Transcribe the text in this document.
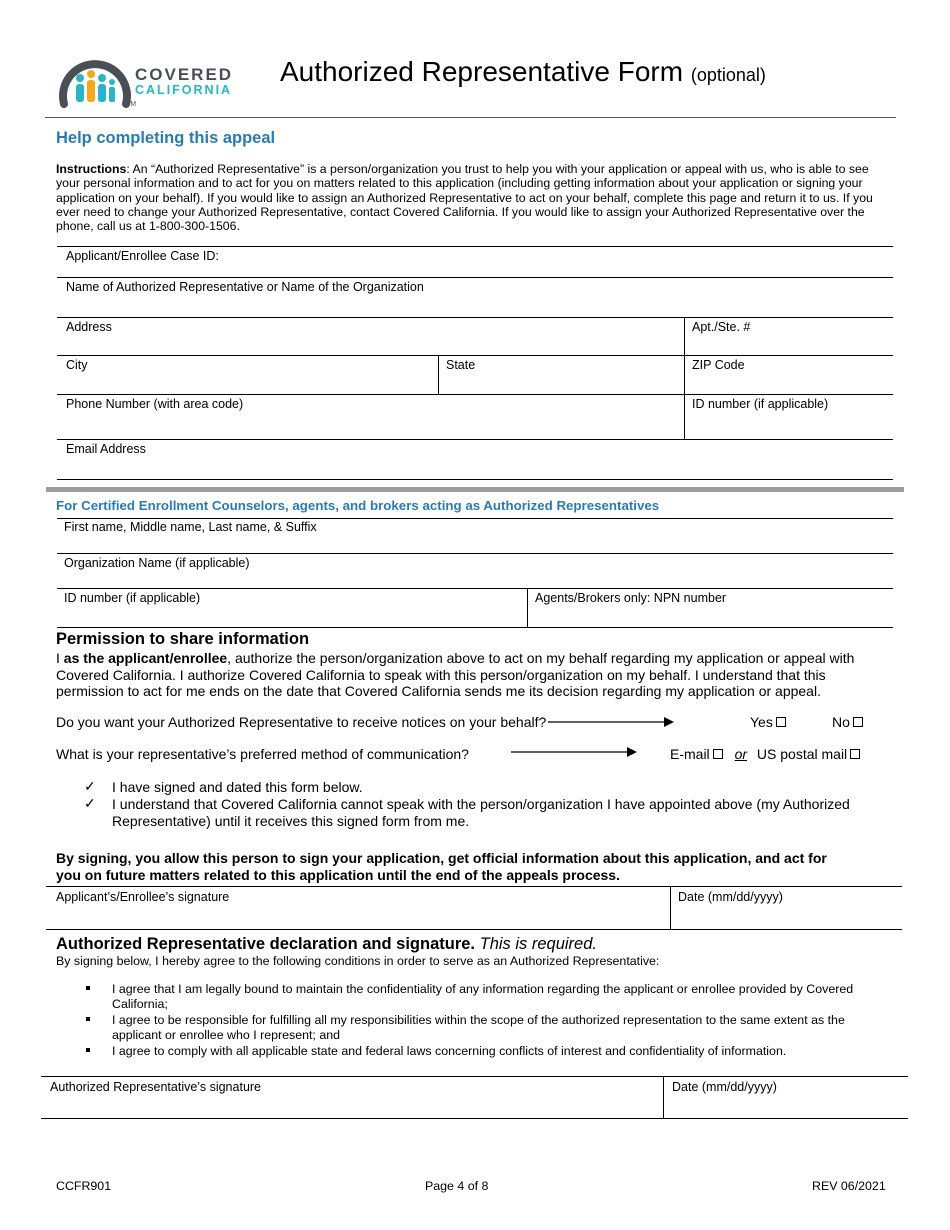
COVERED
CALIFORNIA
TM
Authorized Representative Form (optional)
Help completing this appeal
Instructions: An “Authorized Representative” is a person/organization you trust to help you with your application or appeal with us, who is able to see
your personal information and to act for you on matters related to this application (including getting information about your application or signing your
application on your behalf). If you would like to assign an Authorized Representative to act on your behalf, complete this page and return it to us. If you
ever need to change your Authorized Representative, contact Covered California. If you would like to assign your Authorized Representative over the
phone, call us at 1-800-300-1506.
Applicant/Enrollee Case ID:
Name of Authorized Representative or Name of the Organization
Address	Apt./Ste. #
City	State	ZIP Code
Phone Number (with area code)	ID number (if applicable)
Email Address
For Certified Enrollment Counselors, agents, and brokers acting as Authorized Representatives
First name, Middle name, Last name, & Suffix
Organization Name (if applicable)
ID number (if applicable)	Agents/Brokers only: NPN number
Permission to share information
I as the applicant/enrollee, authorize the person/organization above to act on my behalf regarding my application or appeal with
Covered California. I authorize Covered California to speak with this person/organization on my behalf. I understand that this
permission to act for me ends on the date that Covered California sends me its decision regarding my application or appeal.
Do you want your Authorized Representative to receive notices on your behalf?	Yes	No
What is your representative’s preferred method of communication?	E-mail or US postal mail
✓ I have signed and dated this form below.
✓ I understand that Covered California cannot speak with the person/organization I have appointed above (my Authorized
Representative) until it receives this signed form from me.
By signing, you allow this person to sign your application, get official information about this application, and act for
you on future matters related to this application until the end of the appeals process.
Applicant’s/Enrollee’s signature	Date (mm/dd/yyyy)
Authorized Representative declaration and signature. This is required.
By signing below, I hereby agree to the following conditions in order to serve as an Authorized Representative:
I agree that I am legally bound to maintain the confidentiality of any information regarding the applicant or enrollee provided by Covered
California;
I agree to be responsible for fulfilling all my responsibilities within the scope of the authorized representation to the same extent as the
applicant or enrollee who I represent; and
I agree to comply with all applicable state and federal laws concerning conflicts of interest and confidentiality of information.
Authorized Representative’s signature	Date (mm/dd/yyyy)
CCFR901	Page 4 of 8	REV 06/2021
